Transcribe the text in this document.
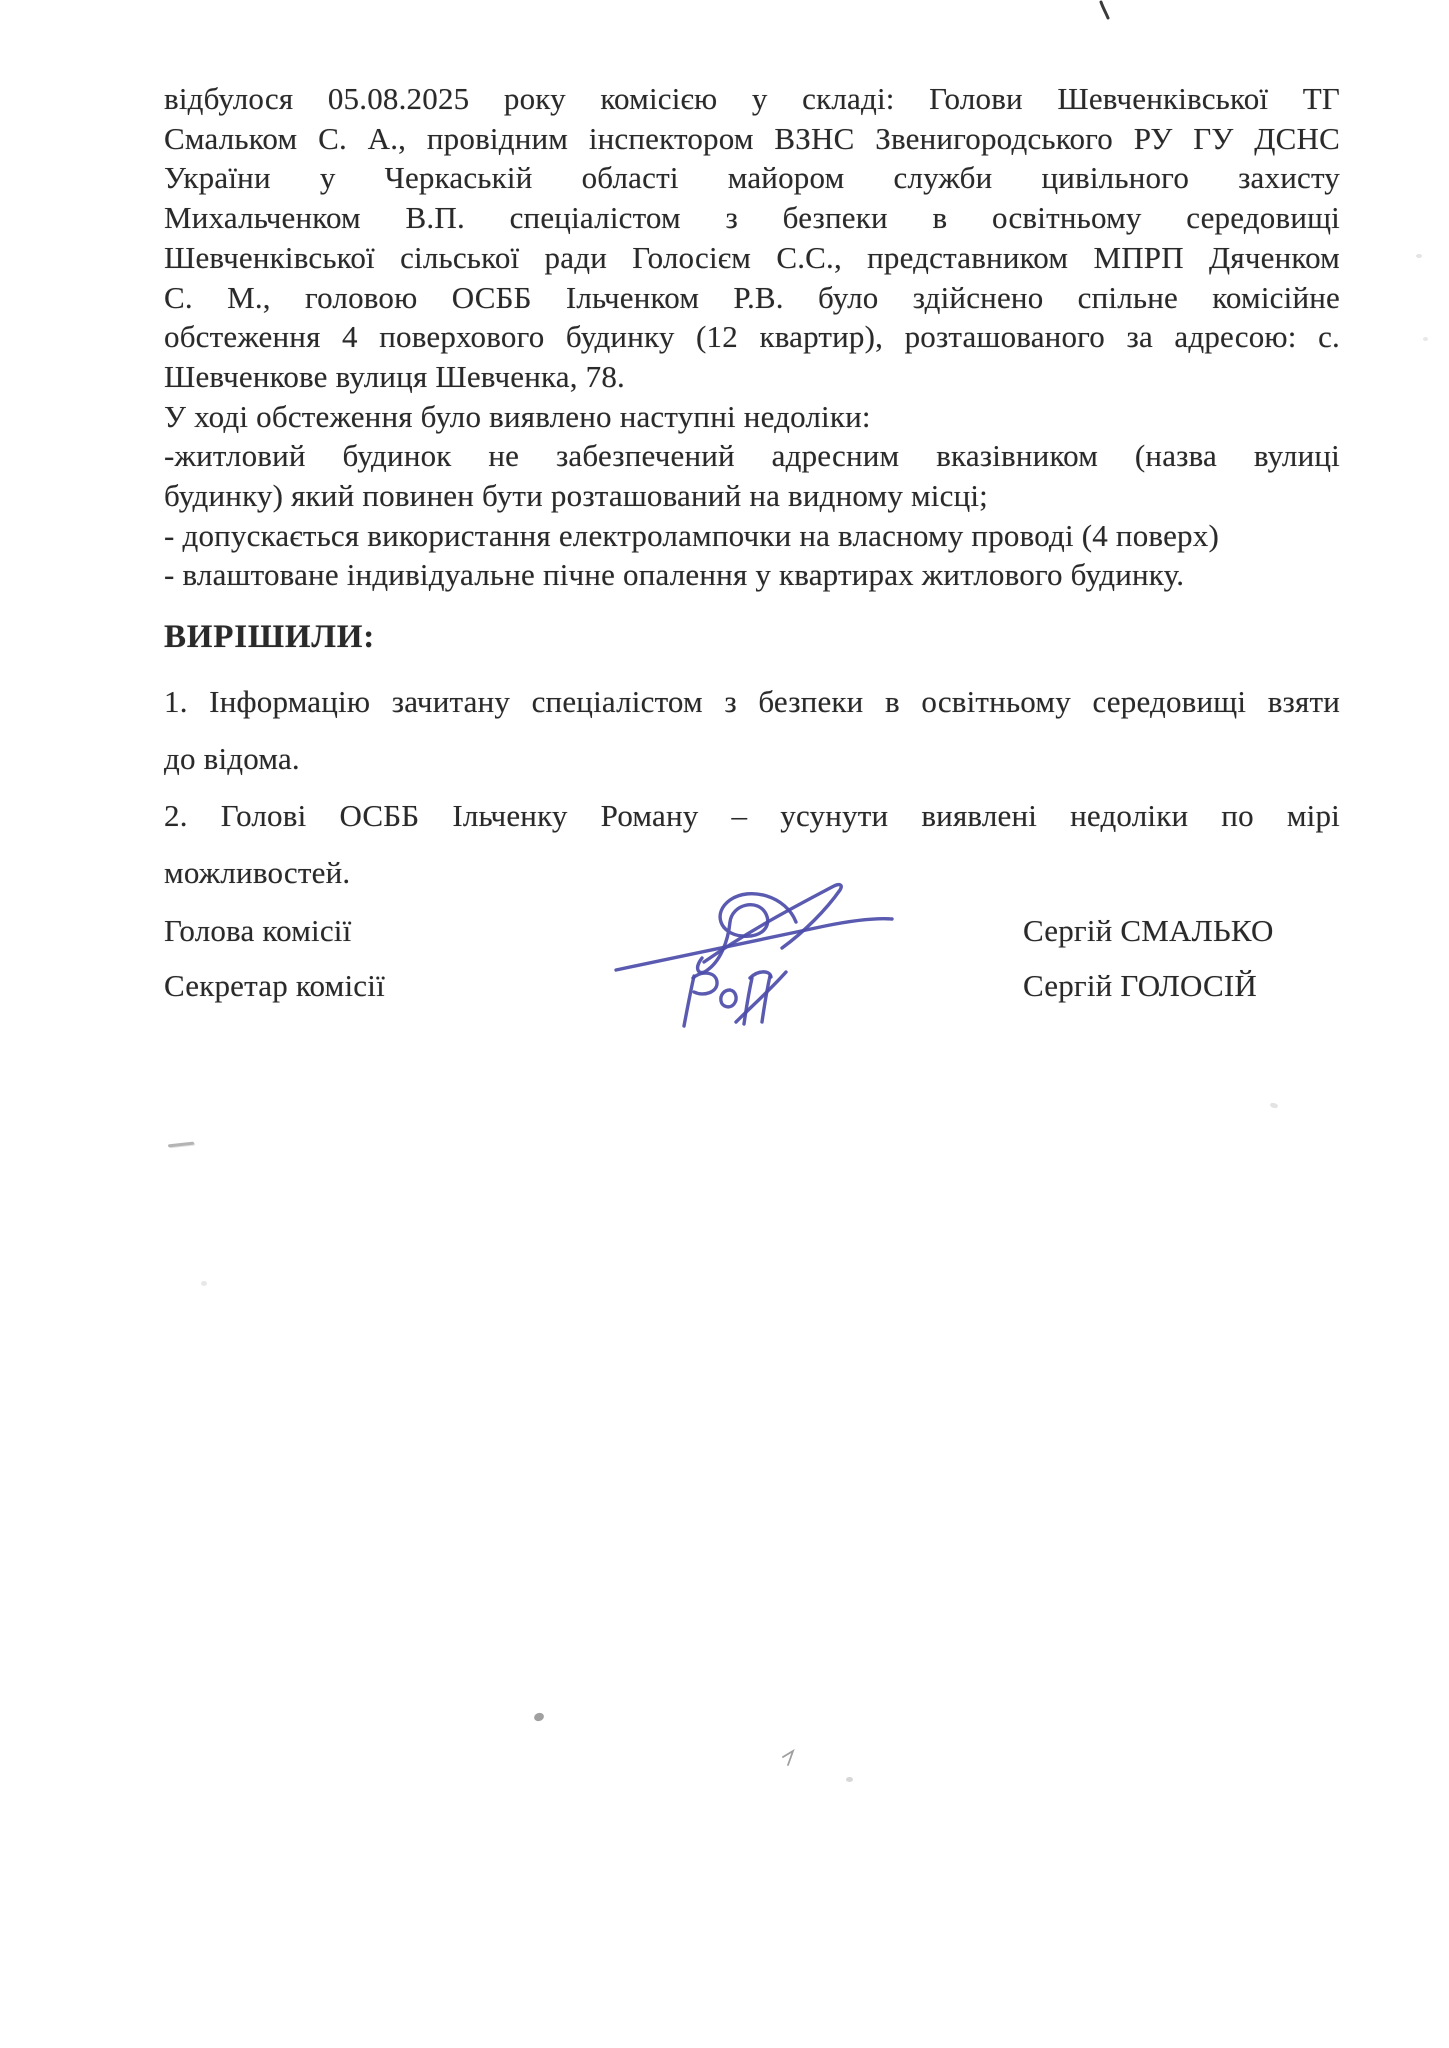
відбулося 05.08.2025 року комісією у складі: Голови Шевченківської ТГ
Смальком С. А., провідним інспектором ВЗНС Звенигородського РУ ГУ ДСНС
України у Черкаській області майором служби цивільного захисту
Михальченком В.П. спеціалістом з безпеки в освітньому середовищі
Шевченківської сільської ради Голосієм С.С., представником МПРП Дяченком
С. М., головою ОСББ Ільченком Р.В. було здійснено спільне комісійне
обстеження 4 поверхового будинку (12 квартир), розташованого за адресою: с.
Шевченкове вулиця Шевченка, 78.
У ході обстеження було виявлено наступні недоліки:
-житловий будинок не забезпечений адресним вказівником (назва вулиці
будинку) який повинен бути розташований на видному місці;
- допускається використання електролампочки на власному проводі (4 поверх)
- влаштоване індивідуальне пічне опалення у квартирах житлового будинку.
ВИРІШИЛИ:
1. Інформацію зачитану спеціалістом з безпеки в освітньому середовищі взяти
до відома.
2. Голові ОСББ Ільченку Роману – усунути виявлені недоліки по мірі
можливостей.
Голова комісії	Сергій СМАЛЬКО
Секретар комісії	Сергій ГОЛОСІЙ
